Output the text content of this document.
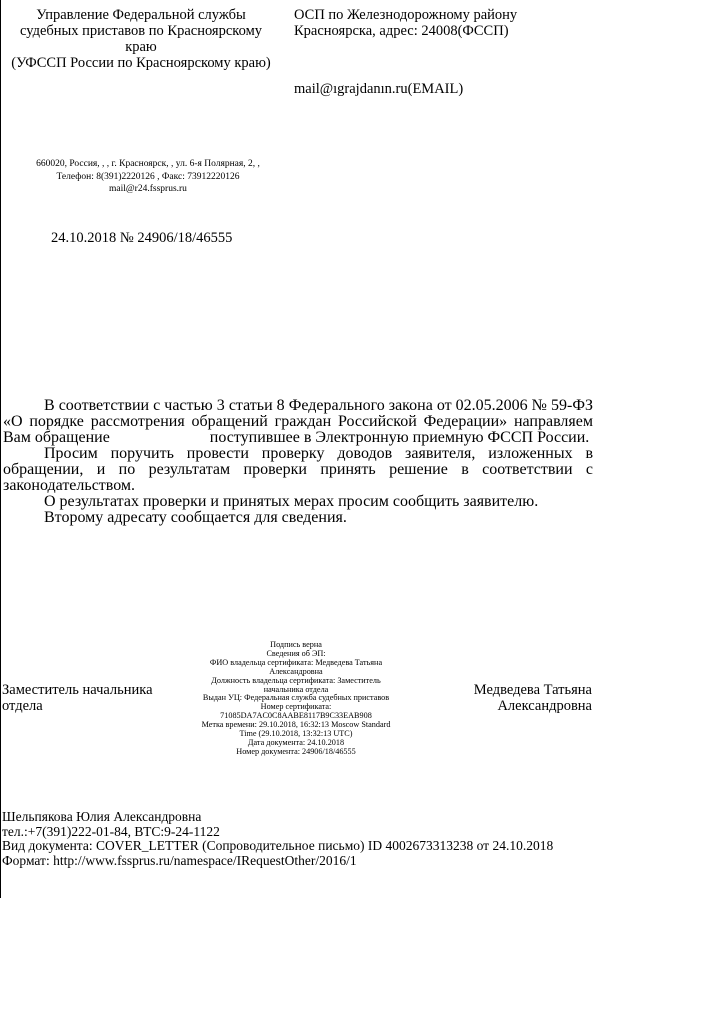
Управление Федеральной службы
судебных приставов по Красноярскому
краю
(УФССП России по Красноярскому краю)
ОСП по Железнодорожному району
Красноярска, адрес: 24008(ФССП)
mail@ıgrajdanın.ru(EMAIL)
660020, Россия, , , г. Красноярск, , ул. 6-я Полярная, 2, ,
Телефон: 8(391)2220126 , Факс: 73912220126
mail@r24.fssprus.ru
24.10.2018 № 24906/18/46555

В соответствии с частью 3 статьи 8 Федерального закона от 02.05.2006 № 59-ФЗ «О порядке рассмотрения обращений граждан Российской Федерации» направляем Вам обращение                         поступившее в Электронную приемную ФССП России.

Просим поручить провести проверку доводов заявителя, изложенных в обращении, и по результатам проверки принять решение в соответствии с законодательством.

О результатах проверки и принятых мерах просим сообщить заявителю.

Второму адресату сообщается для сведения.

Заместитель начальника
отдела
Подпись верна
Сведения об ЭП:
ФИО владельца сертификата: Медведева Татьяна
Александровна
Должность владельца сертификата: Заместитель
начальника отдела
Выдан УЦ: Федеральная служба судебных приставов
Номер сертификата:
71085DA7AC0C8AABE8117B9C33EAB908
Метка времени: 29.10.2018, 16:32:13 Moscow Standard
Time (29.10.2018, 13:32:13 UTC)
Дата документа: 24.10.2018
Номер документа: 24906/18/46555
Медведева Татьяна
Александровна
Шельпякова Юлия Александровна
тел.:+7(391)222-01-84, ВТС:9-24-1122
Вид документа: COVER_LETTER (Сопроводительное письмо) ID 4002673313238 от 24.10.2018
Формат: http://www.fssprus.ru/namespace/IRequestOther/2016/1
